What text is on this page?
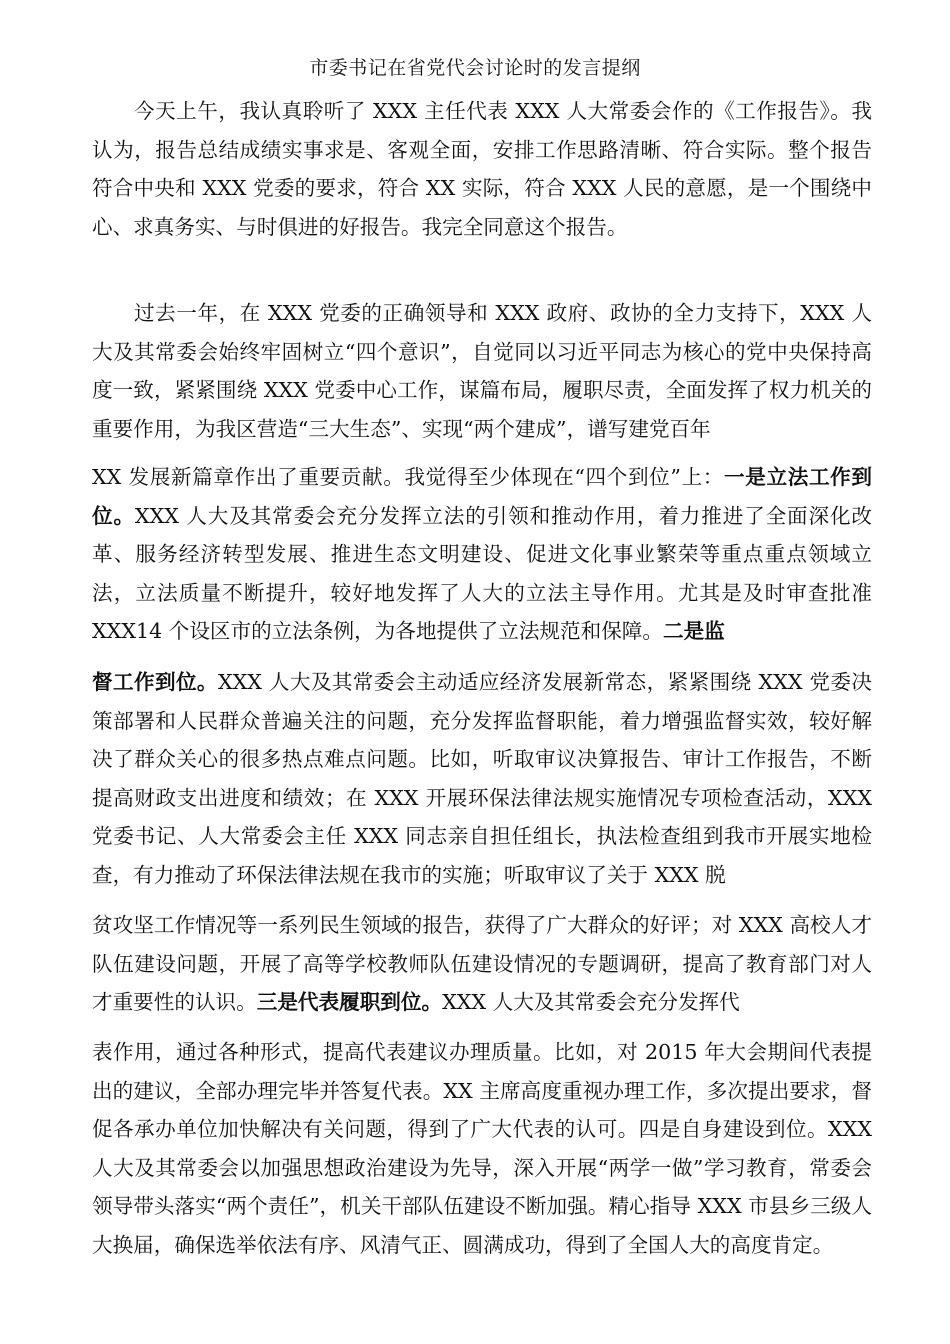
市委书记在省党代会讨论时的发言提纲

今天上午，我认真聆听了 XXX 主任代表 XXX 人大常委会作的《工作报告》。我认为，报告总结成绩实事求是、客观全面，安排工作思路清晰、符合实际。整个报告符合中央和 XXX 党委的要求，符合 XX 实际，符合 XXX 人民的意愿，是一个围绕中心、求真务实、与时俱进的好报告。我完全同意这个报告。

过去一年，在 XXX 党委的正确领导和 XXX 政府、政协的全力支持下，XXX 人大及其常委会始终牢固树立“四个意识”，自觉同以习近平同志为核心的党中央保持高度一致，紧紧围绕 XXX 党委中心工作，谋篇布局，履职尽责，全面发挥了权力机关的重要作用，为我区营造“三大生态”、实现“两个建成”，谱写建党百年

XX 发展新篇章作出了重要贡献。我觉得至少体现在“四个到位”上：一是立法工作到位。XXX 人大及其常委会充分发挥立法的引领和推动作用，着力推进了全面深化改革、服务经济转型发展、推进生态文明建设、促进文化事业繁荣等重点重点领域立法，立法质量不断提升，较好地发挥了人大的立法主导作用。尤其是及时审查批准 XXX14 个设区市的立法条例，为各地提供了立法规范和保障。二是监

督工作到位。XXX 人大及其常委会主动适应经济发展新常态，紧紧围绕 XXX 党委决策部署和人民群众普遍关注的问题，充分发挥监督职能，着力增强监督实效，较好解决了群众关心的很多热点难点问题。比如，听取审议决算报告、审计工作报告，不断提高财政支出进度和绩效；在 XXX 开展环保法律法规实施情况专项检查活动，XXX 党委书记、人大常委会主任 XXX 同志亲自担任组长，执法检查组到我市开展实地检查，有力推动了环保法律法规在我市的实施；听取审议了关于 XXX 脱

贫攻坚工作情况等一系列民生领域的报告，获得了广大群众的好评；对 XXX 高校人才队伍建设问题，开展了高等学校教师队伍建设情况的专题调研，提高了教育部门对人才重要性的认识。三是代表履职到位。XXX 人大及其常委会充分发挥代

表作用，通过各种形式，提高代表建议办理质量。比如，对 2015 年大会期间代表提出的建议，全部办理完毕并答复代表。XX 主席高度重视办理工作，多次提出要求，督促各承办单位加快解决有关问题，得到了广大代表的认可。四是自身建设到位。XXX 人大及其常委会以加强思想政治建设为先导，深入开展“两学一做”学习教育，常委会领导带头落实“两个责任”，机关干部队伍建设不断加强。精心指导 XXX 市县乡三级人大换届，确保选举依法有序、风清气正、圆满成功，得到了全国人大的高度肯定。
